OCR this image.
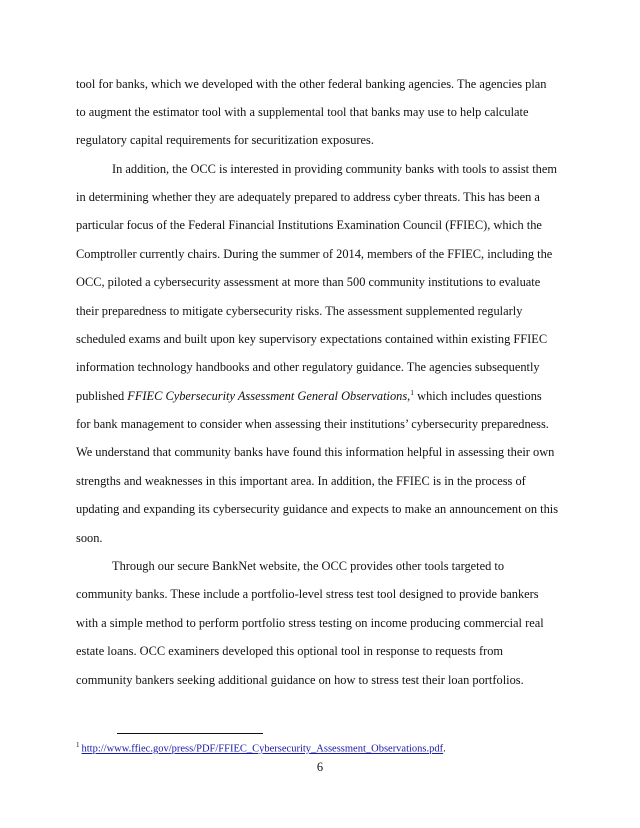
tool for banks, which we developed with the other federal banking agencies. The agencies plan
to augment the estimator tool with a supplemental tool that banks may use to help calculate
regulatory capital requirements for securitization exposures.
In addition, the OCC is interested in providing community banks with tools to assist them
in determining whether they are adequately prepared to address cyber threats. This has been a
particular focus of the Federal Financial Institutions Examination Council (FFIEC), which the
Comptroller currently chairs. During the summer of 2014, members of the FFIEC, including the
OCC, piloted a cybersecurity assessment at more than 500 community institutions to evaluate
their preparedness to mitigate cybersecurity risks. The assessment supplemented regularly
scheduled exams and built upon key supervisory expectations contained within existing FFIEC
information technology handbooks and other regulatory guidance. The agencies subsequently
published FFIEC Cybersecurity Assessment General Observations,$^1$ which includes questions
for bank management to consider when assessing their institutions’ cybersecurity preparedness.
We understand that community banks have found this information helpful in assessing their own
strengths and weaknesses in this important area. In addition, the FFIEC is in the process of
updating and expanding its cybersecurity guidance and expects to make an announcement on this
soon.
Through our secure BankNet website, the OCC provides other tools targeted to
community banks. These include a portfolio-level stress test tool designed to provide bankers
with a simple method to perform portfolio stress testing on income producing commercial real
estate loans. OCC examiners developed this optional tool in response to requests from
community bankers seeking additional guidance on how to stress test their loan portfolios.
$^1$ http://www.ffiec.gov/press/PDF/FFIEC_Cybersecurity_Assessment_Observations.pdf.
6
